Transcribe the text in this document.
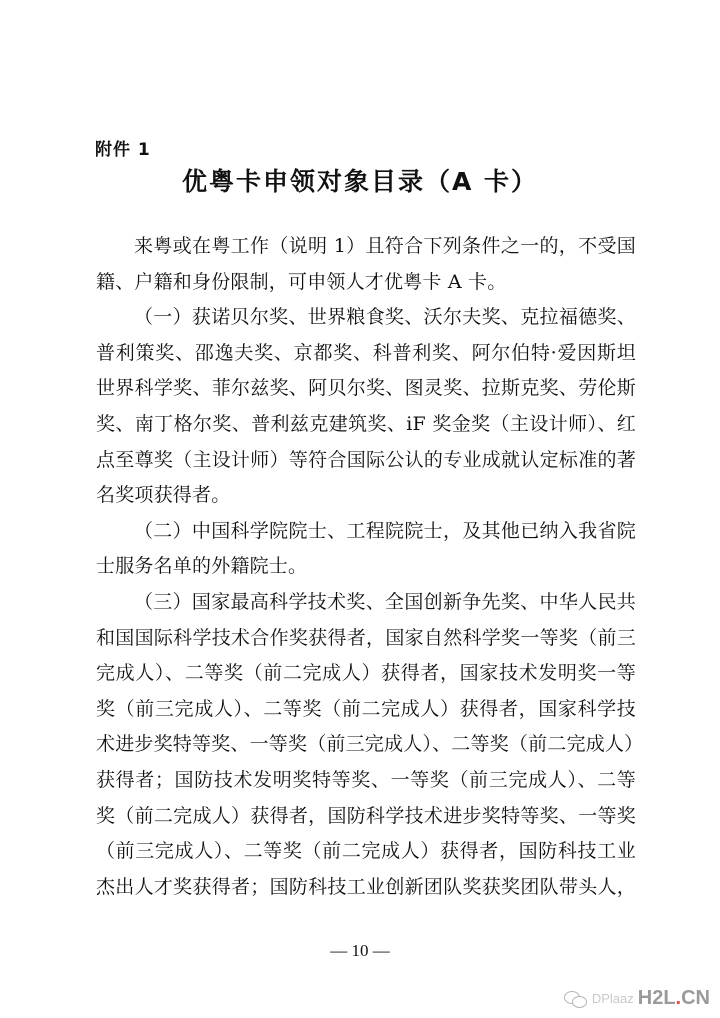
附件 1
优粤卡申领对象目录（A 卡）
来粤或在粤工作（说明 1）且符合下列条件之一的，不受国
籍、户籍和身份限制，可申领人才优粤卡 A 卡。
（一）获诺贝尔奖、世界粮食奖、沃尔夫奖、克拉福德奖、
普利策奖、邵逸夫奖、京都奖、科普利奖、阿尔伯特·爱因斯坦
世界科学奖、菲尔兹奖、阿贝尔奖、图灵奖、拉斯克奖、劳伦斯
奖、南丁格尔奖、普利兹克建筑奖、iF 奖金奖（主设计师）、红
点至尊奖（主设计师）等符合国际公认的专业成就认定标准的著
名奖项获得者。
（二）中国科学院院士、工程院院士，及其他已纳入我省院
士服务名单的外籍院士。
（三）国家最高科学技术奖、全国创新争先奖、中华人民共
和国国际科学技术合作奖获得者，国家自然科学奖一等奖（前三
完成人）、二等奖（前二完成人）获得者，国家技术发明奖一等
奖（前三完成人）、二等奖（前二完成人）获得者，国家科学技
术进步奖特等奖、一等奖（前三完成人）、二等奖（前二完成人）
获得者；国防技术发明奖特等奖、一等奖（前三完成人）、二等
奖（前二完成人）获得者，国防科学技术进步奖特等奖、一等奖
（前三完成人）、二等奖（前二完成人）获得者，国防科技工业
杰出人才奖获得者；国防科技工业创新团队奖获奖团队带头人，
— 10 —
DPlaaz H2L.CN
